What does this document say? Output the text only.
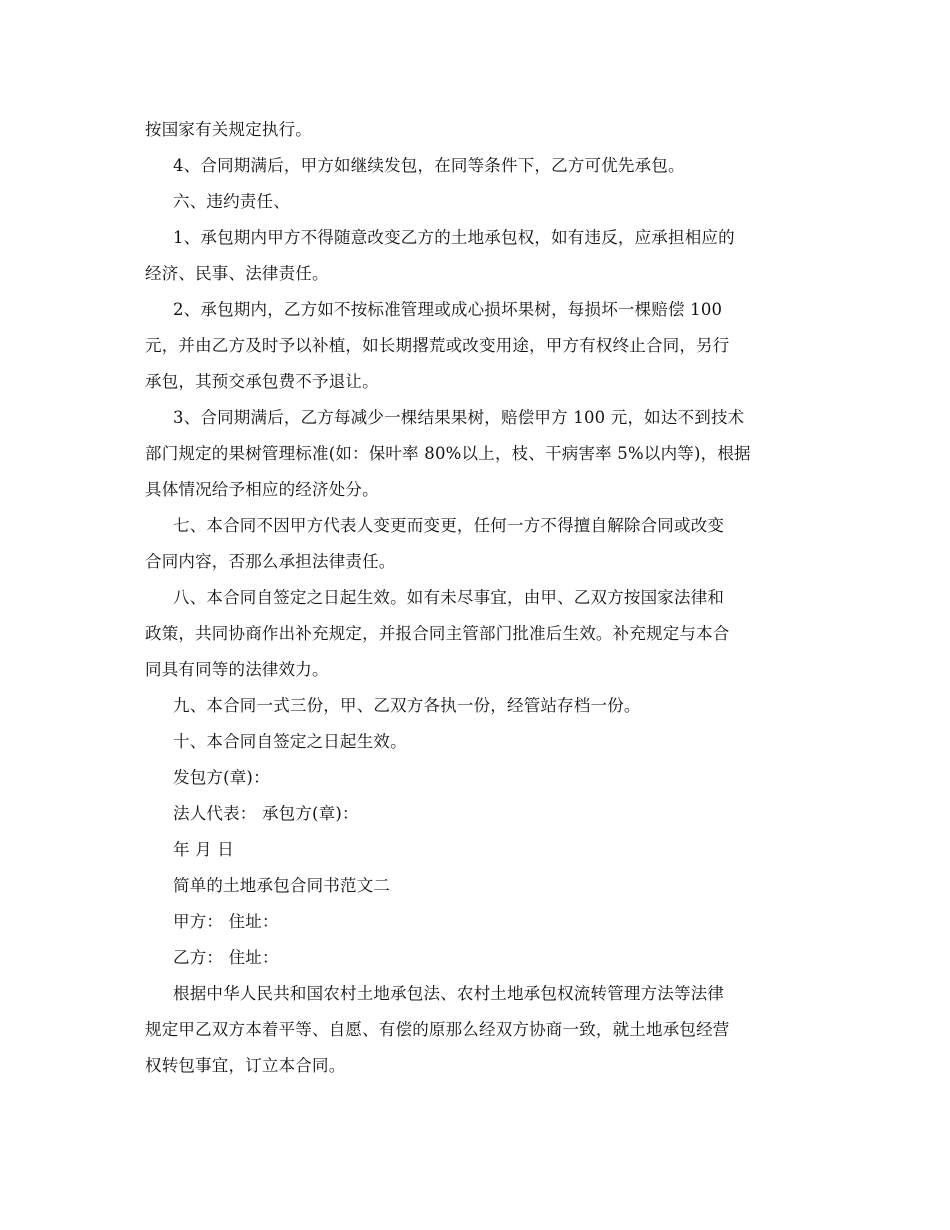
按国家有关规定执行。
4、合同期满后，甲方如继续发包，在同等条件下，乙方可优先承包。
六、违约责任、
1、承包期内甲方不得随意改变乙方的土地承包权，如有违反，应承担相应的
经济、民事、法律责任。
2、承包期内，乙方如不按标准管理或成心损坏果树，每损坏一棵赔偿 100
元，并由乙方及时予以补植，如长期撂荒或改变用途，甲方有权终止合同，另行
承包，其预交承包费不予退让。
3、合同期满后，乙方每减少一棵结果果树，赔偿甲方 100 元，如达不到技术
部门规定的果树管理标准(如：保叶率 80%以上，枝、干病害率 5%以内等)，根据
具体情况给予相应的经济处分。
七、本合同不因甲方代表人变更而变更，任何一方不得擅自解除合同或改变
合同内容，否那么承担法律责任。
八、本合同自签定之日起生效。如有未尽事宜，由甲、乙双方按国家法律和
政策，共同协商作出补充规定，并报合同主管部门批准后生效。补充规定与本合
同具有同等的法律效力。
九、本合同一式三份，甲、乙双方各执一份，经管站存档一份。
十、本合同自签定之日起生效。
发包方(章)：
法人代表： 承包方(章)：
年 月 日
简单的土地承包合同书范文二
甲方： 住址：
乙方： 住址：
根据中华人民共和国农村土地承包法、农村土地承包权流转管理方法等法律
规定甲乙双方本着平等、自愿、有偿的原那么经双方协商一致，就土地承包经营
权转包事宜，订立本合同。
